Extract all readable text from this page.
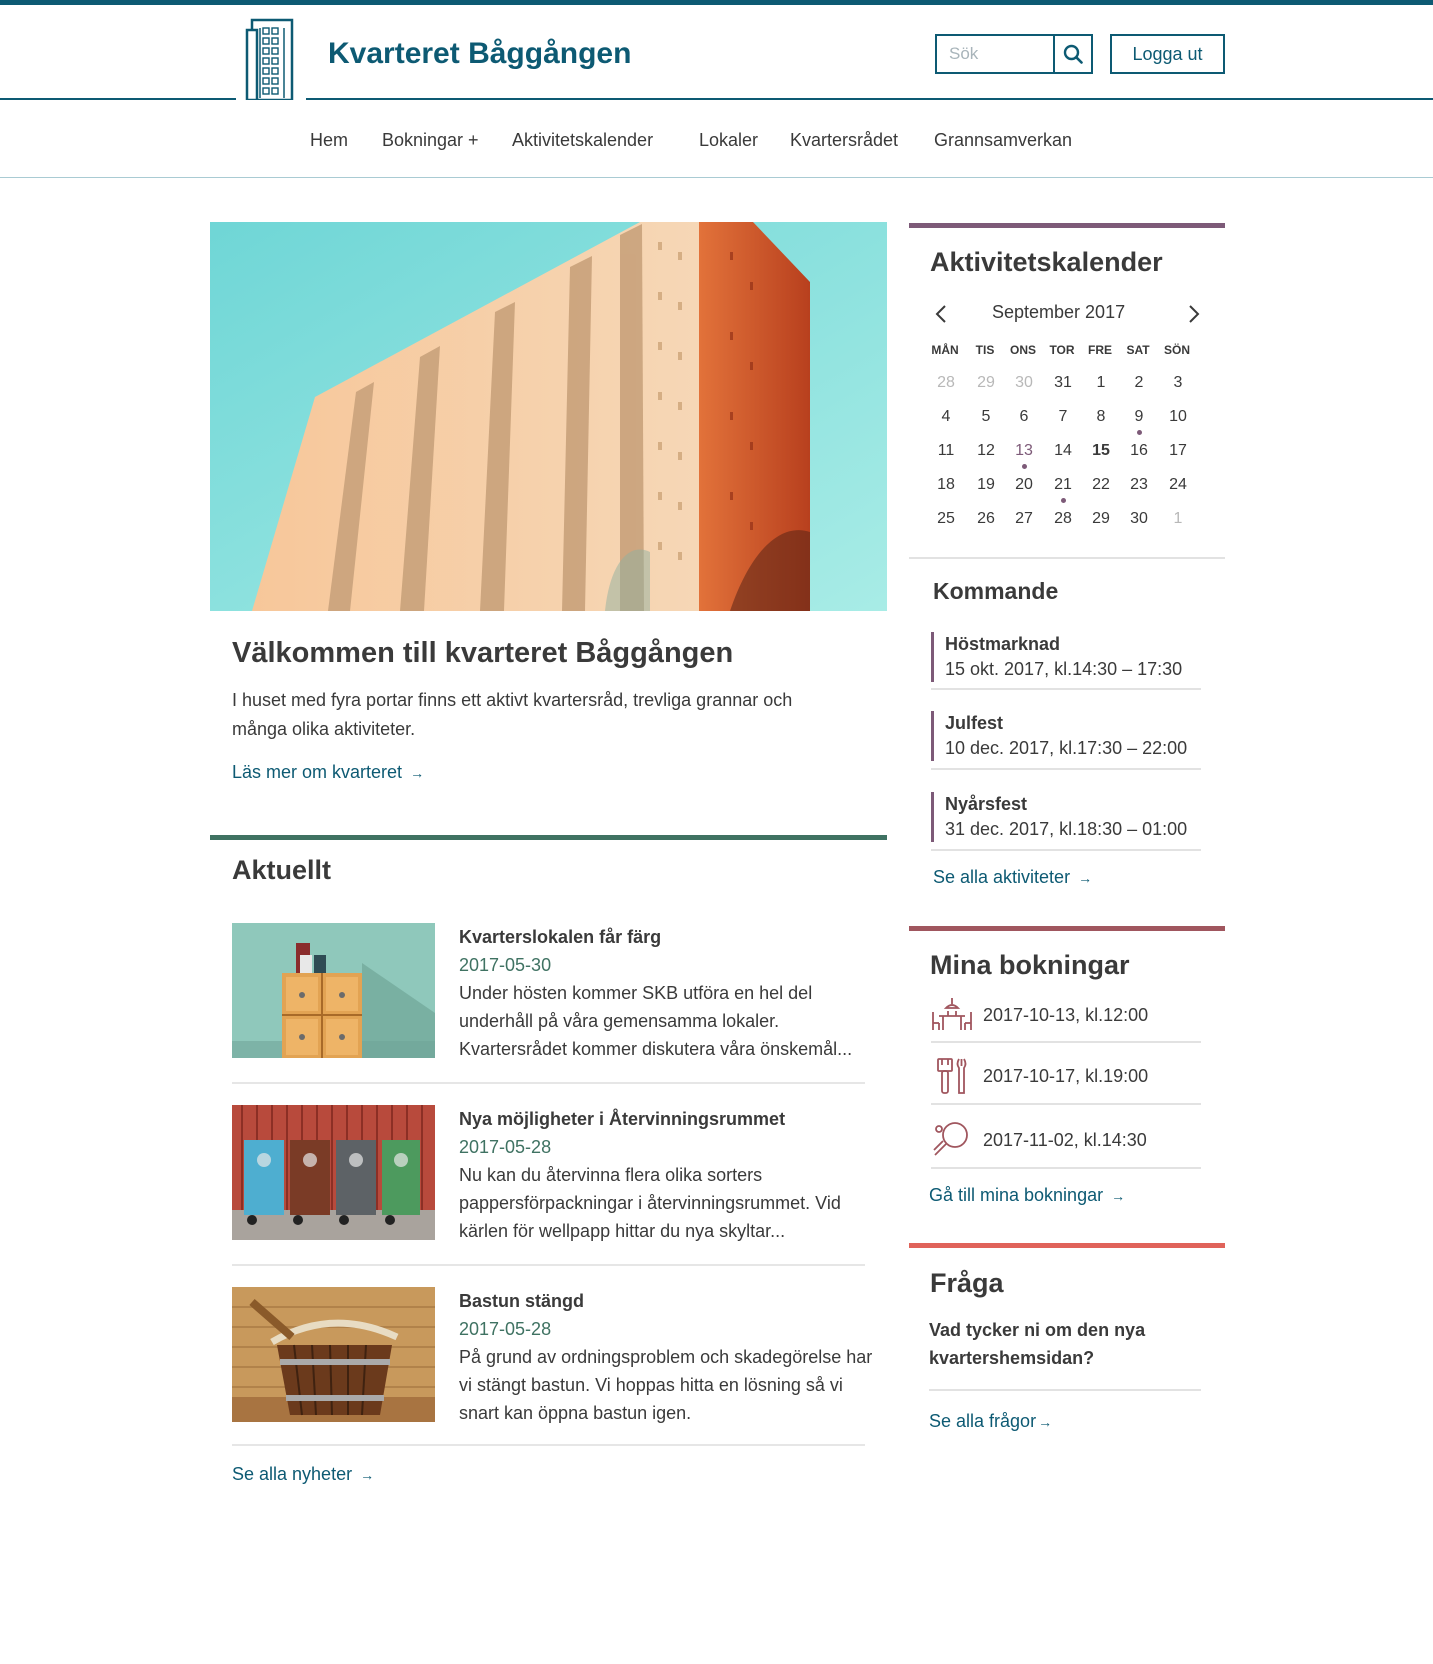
Kvarteret Båggången
Sök	Logga ut
Hem Bokningar + Aktivitetskalender	Lokaler Kvartersrådet Grannsamverkan
Välkommen till kvarteret Båggången
I huset med fyra portar finns ett aktivt kvartersråd, trevliga grannar och många olika aktiviteter.
Läs mer om kvarteret →
Aktuellt
Kvarterslokalen får färg
2017-05-30
Under hösten kommer SKB utföra en hel del underhåll på våra gemensamma lokaler. Kvartersrådet kommer diskutera våra önskemål...
Nya möjligheter i Återvinningsrummet
2017-05-28
Nu kan du återvinna flera olika sorters pappersförpackningar i återvinningsrummet. Vid kärlen för wellpapp hittar du nya skyltar...
Bastun stängd
2017-05-28
På grund av ordningsproblem och skadegörelse har vi stängt bastun. Vi hoppas hitta en lösning så vi snart kan öppna bastun igen.
Se alla nyheter →
Aktivitetskalender
September 2017
MÅN	TIS	ONS	TOR	FRE	SAT	SÖN
28	29	30	31	1	2	3
4	5	6	7	8	9	10
11	12	13	14	15	16	17
18	19	20	21	22	23	24
25	26	27	28	29	30	1
Kommande
Höstmarknad
15 okt. 2017, kl.14:30 – 17:30
Julfest
10 dec. 2017, kl.17:30 – 22:00
Nyårsfest
31 dec. 2017, kl.18:30 – 01:00
Se alla aktiviteter →
Mina bokningar
2017-10-13, kl.12:00
2017-10-17, kl.19:00
2017-11-02, kl.14:30
Gå till mina bokningar →
Fråga
Vad tycker ni om den nya kvartershemsidan?
Se alla frågor →
